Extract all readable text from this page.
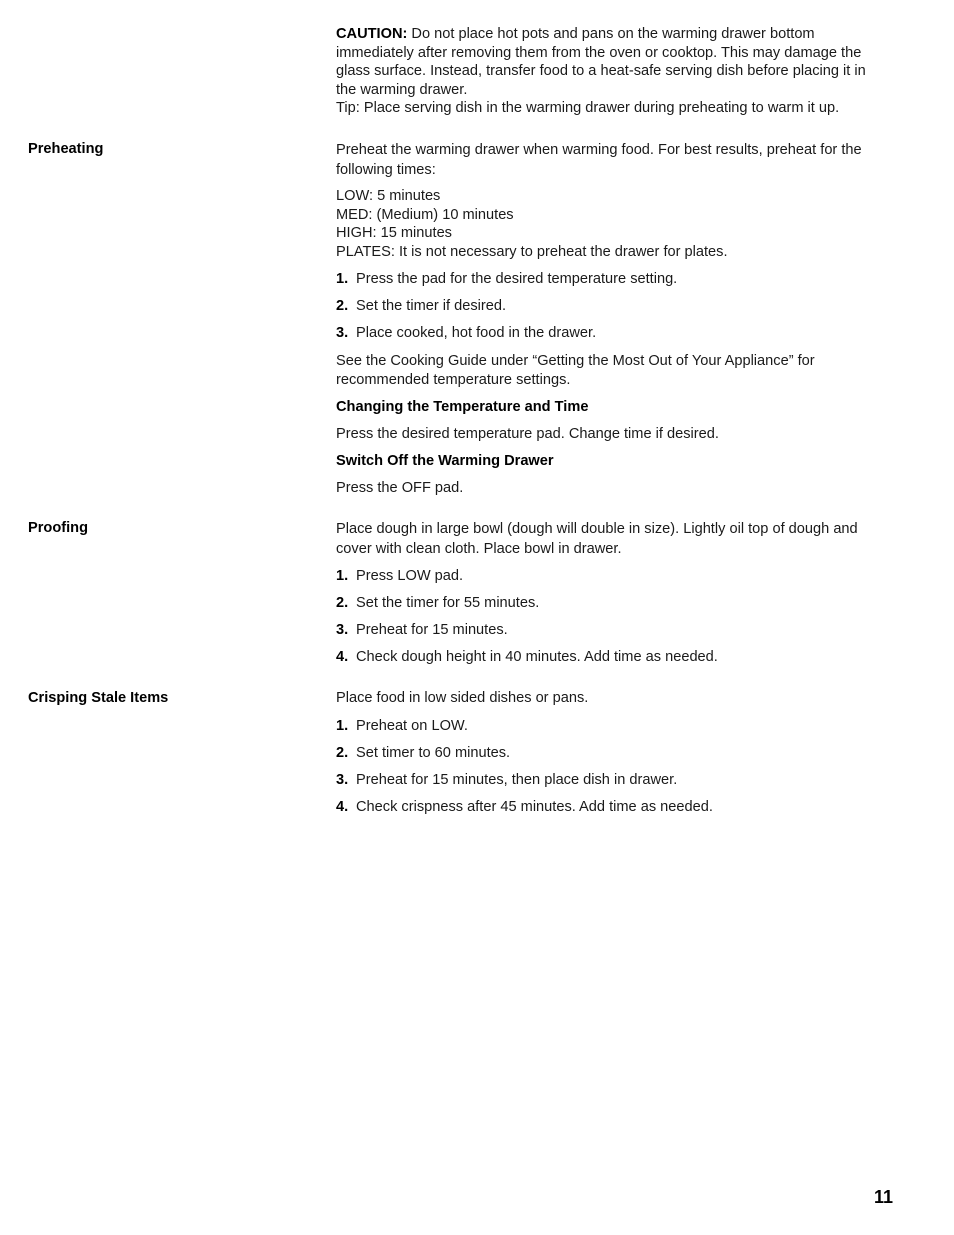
CAUTION: Do not place hot pots and pans on the warming drawer bottom immediately after removing them from the oven or cooktop. This may damage the glass surface. Instead, transfer food to a heat-safe serving dish before placing it in the warming drawer.

Tip: Place serving dish in the warming drawer during preheating to warm it up.

Preheating	Preheat the warming drawer when warming food. For best results, preheat for the following times:

LOW: 5 minutes

MED: (Medium) 10 minutes

HIGH: 15 minutes

PLATES: It is not necessary to preheat the drawer for plates.

1. Press the pad for the desired temperature setting.
2. Set the timer if desired.
3. Place cooked, hot food in the drawer.

See the Cooking Guide under “Getting the Most Out of Your Appliance” for recommended temperature settings.

Changing the Temperature and Time

Press the desired temperature pad. Change time if desired.

Switch Off the Warming Drawer

Press the OFF pad.

Proofing	Place dough in large bowl (dough will double in size). Lightly oil top of dough and cover with clean cloth. Place bowl in drawer.

1. Press LOW pad.
2. Set the timer for 55 minutes.
3. Preheat for 15 minutes.
4. Check dough height in 40 minutes. Add time as needed.
Crisping Stale Items	Place food in low sided dishes or pans.

1. Preheat on LOW.
2. Set timer to 60 minutes.
3. Preheat for 15 minutes, then place dish in drawer.
4. Check crispness after 45 minutes. Add time as needed.
11
